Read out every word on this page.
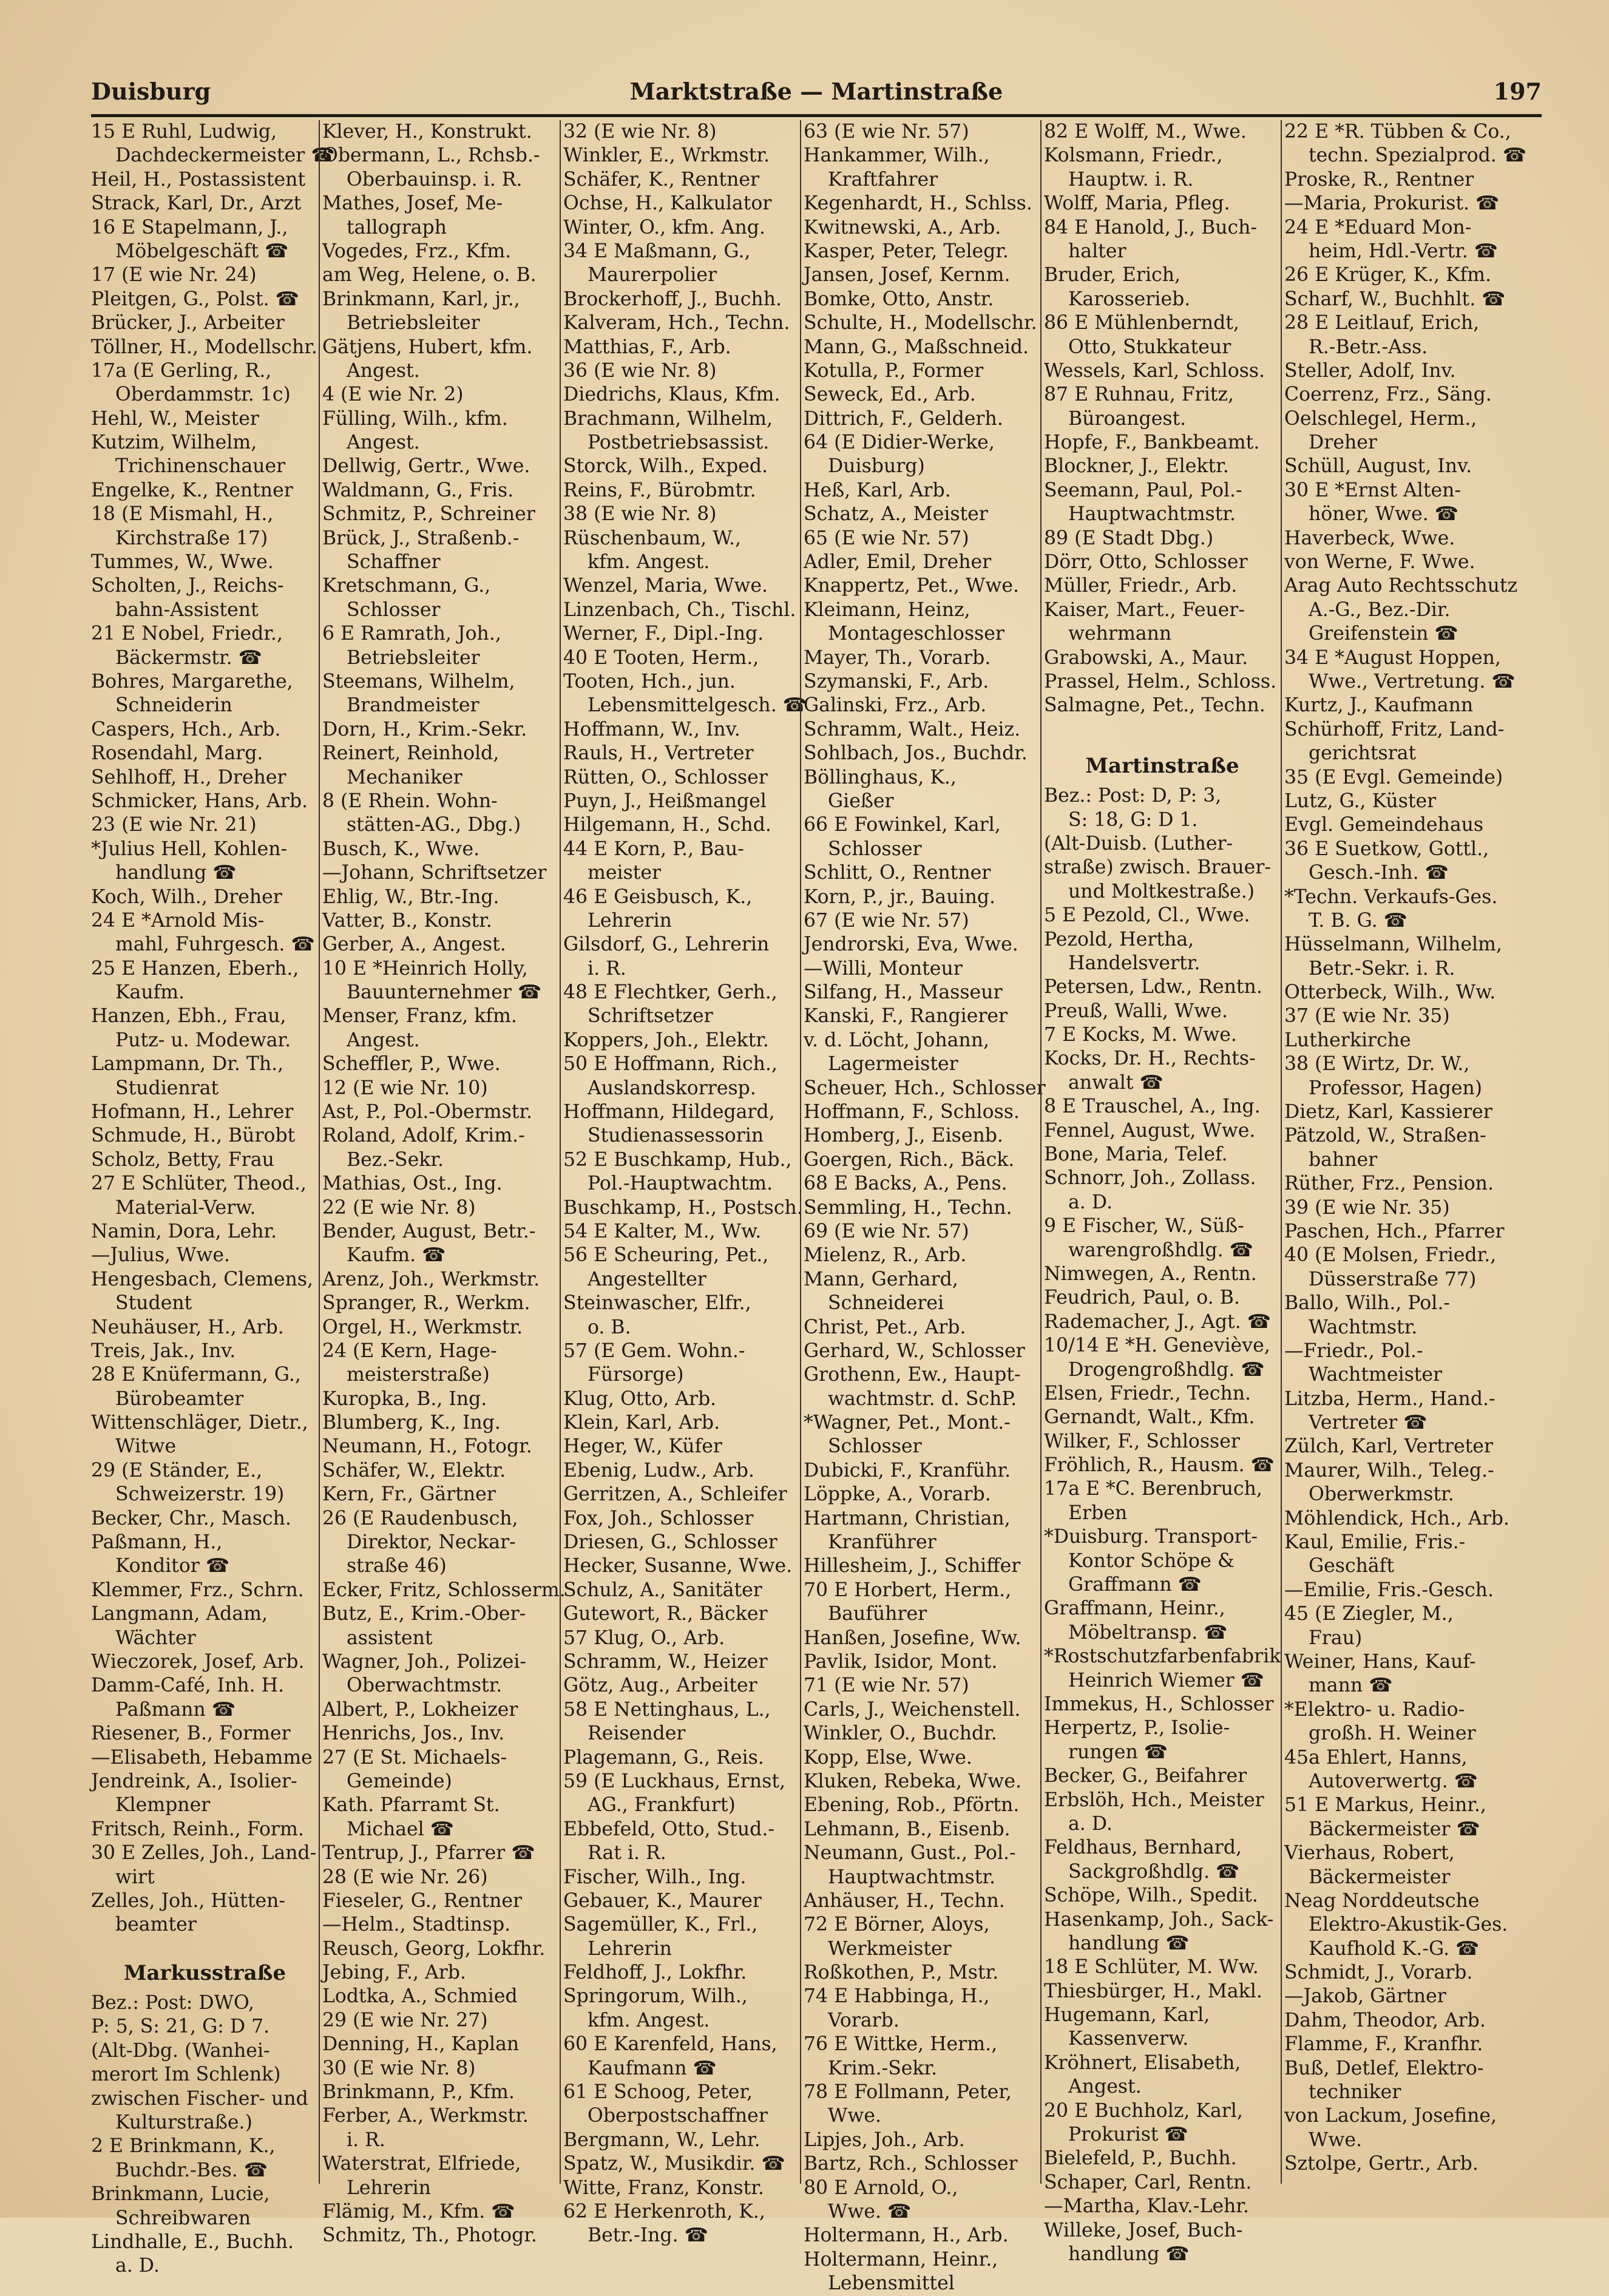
Duisburg	Marktstraße — Martinstraße	197
15 E Ruhl, Ludwig,
Dachdeckermeister ☎
Heil, H., Postassistent
Strack, Karl, Dr., Arzt
16 E Stapelmann, J.,
Möbelgeschäft ☎
17 (E wie Nr. 24)
Pleitgen, G., Polst. ☎
Brücker, J., Arbeiter
Töllner, H., Modellschr.
17a (E Gerling, R.,
Oberdammstr. 1c)
Hehl, W., Meister
Kutzim, Wilhelm,
Trichinenschauer
Engelke, K., Rentner
18 (E Mismahl, H.,
Kirchstraße 17)
Tummes, W., Wwe.
Scholten, J., Reichs-
bahn-Assistent
21 E Nobel, Friedr.,
Bäckermstr. ☎
Bohres, Margarethe,
Schneiderin
Caspers, Hch., Arb.
Rosendahl, Marg.
Sehlhoff, H., Dreher
Schmicker, Hans, Arb.
23 (E wie Nr. 21)
*Julius Hell, Kohlen-
handlung ☎
Koch, Wilh., Dreher
24 E *Arnold Mis-
mahl, Fuhrgesch. ☎
25 E Hanzen, Eberh.,
Kaufm.
Hanzen, Ebh., Frau,
Putz- u. Modewar.
Lampmann, Dr. Th.,
Studienrat
Hofmann, H., Lehrer
Schmude, H., Bürobt
Scholz, Betty, Frau
27 E Schlüter, Theod.,
Material-Verw.
Namin, Dora, Lehr.
—Julius, Wwe.
Hengesbach, Clemens,
Student
Neuhäuser, H., Arb.
Treis, Jak., Inv.
28 E Knüfermann, G.,
Bürobeamter
Wittenschläger, Dietr.,
Witwe
29 (E Ständer, E.,
Schweizerstr. 19)
Becker, Chr., Masch.
Paßmann, H.,
Konditor ☎
Klemmer, Frz., Schrn.
Langmann, Adam,
Wächter
Wieczorek, Josef, Arb.
Damm-Café, Inh. H.
Paßmann ☎
Riesener, B., Former
—Elisabeth, Hebamme
Jendreink, A., Isolier-
Klempner
Fritsch, Reinh., Form.
30 E Zelles, Joh., Land-
wirt
Zelles, Joh., Hütten-
beamter
Markusstraße
Bez.: Post: DWO,
P: 5, S: 21, G: D 7.
(Alt-Dbg. (Wanhei-
merort Im Schlenk)
zwischen Fischer- und
Kulturstraße.)
2 E Brinkmann, K.,
Buchdr.-Bes. ☎
Brinkmann, Lucie,
Schreibwaren
Lindhalle, E., Buchh.
a. D.
Klever, H., Konstrukt.
Obermann, L., Rchsb.-
Oberbauinsp. i. R.
Mathes, Josef, Me-
tallograph
Vogedes, Frz., Kfm.
am Weg, Helene, o. B.
Brinkmann, Karl, jr.,
Betriebsleiter
Gätjens, Hubert, kfm.
Angest.
4 (E wie Nr. 2)
Fülling, Wilh., kfm.
Angest.
Dellwig, Gertr., Wwe.
Waldmann, G., Fris.
Schmitz, P., Schreiner
Brück, J., Straßenb.-
Schaffner
Kretschmann, G.,
Schlosser
6 E Ramrath, Joh.,
Betriebsleiter
Steemans, Wilhelm,
Brandmeister
Dorn, H., Krim.-Sekr.
Reinert, Reinhold,
Mechaniker
8 (E Rhein. Wohn-
stätten-AG., Dbg.)
Busch, K., Wwe.
—Johann, Schriftsetzer
Ehlig, W., Btr.-Ing.
Vatter, B., Konstr.
Gerber, A., Angest.
10 E *Heinrich Holly,
Bauunternehmer ☎
Menser, Franz, kfm.
Angest.
Scheffler, P., Wwe.
12 (E wie Nr. 10)
Ast, P., Pol.-Obermstr.
Roland, Adolf, Krim.-
Bez.-Sekr.
Mathias, Ost., Ing.
22 (E wie Nr. 8)
Bender, August, Betr.-
Kaufm. ☎
Arenz, Joh., Werkmstr.
Spranger, R., Werkm.
Orgel, H., Werkmstr.
24 (E Kern, Hage-
meisterstraße)
Kuropka, B., Ing.
Blumberg, K., Ing.
Neumann, H., Fotogr.
Schäfer, W., Elektr.
Kern, Fr., Gärtner
26 (E Raudenbusch,
Direktor, Neckar-
straße 46)
Ecker, Fritz, Schlosserm.
Butz, E., Krim.-Ober-
assistent
Wagner, Joh., Polizei-
Oberwachtmstr.
Albert, P., Lokheizer
Henrichs, Jos., Inv.
27 (E St. Michaels-
Gemeinde)
Kath. Pfarramt St.
Michael ☎
Tentrup, J., Pfarrer ☎
28 (E wie Nr. 26)
Fieseler, G., Rentner
—Helm., Stadtinsp.
Reusch, Georg, Lokfhr.
Jebing, F., Arb.
Lodtka, A., Schmied
29 (E wie Nr. 27)
Denning, H., Kaplan
30 (E wie Nr. 8)
Brinkmann, P., Kfm.
Ferber, A., Werkmstr.
i. R.
Waterstrat, Elfriede,
Lehrerin
Flämig, M., Kfm. ☎
Schmitz, Th., Photogr.
32 (E wie Nr. 8)
Winkler, E., Wrkmstr.
Schäfer, K., Rentner
Ochse, H., Kalkulator
Winter, O., kfm. Ang.
34 E Maßmann, G.,
Maurerpolier
Brockerhoff, J., Buchh.
Kalveram, Hch., Techn.
Matthias, F., Arb.
36 (E wie Nr. 8)
Diedrichs, Klaus, Kfm.
Brachmann, Wilhelm,
Postbetriebsassist.
Storck, Wilh., Exped.
Reins, F., Bürobmtr.
38 (E wie Nr. 8)
Rüschenbaum, W.,
kfm. Angest.
Wenzel, Maria, Wwe.
Linzenbach, Ch., Tischl.
Werner, F., Dipl.-Ing.
40 E Tooten, Herm.,
Tooten, Hch., jun.
Lebensmittelgesch. ☎
Hoffmann, W., Inv.
Rauls, H., Vertreter
Rütten, O., Schlosser
Puyn, J., Heißmangel
Hilgemann, H., Schd.
44 E Korn, P., Bau-
meister
46 E Geisbusch, K.,
Lehrerin
Gilsdorf, G., Lehrerin
i. R.
48 E Flechtker, Gerh.,
Schriftsetzer
Koppers, Joh., Elektr.
50 E Hoffmann, Rich.,
Auslandskorresp.
Hoffmann, Hildegard,
Studienassessorin
52 E Buschkamp, Hub.,
Pol.-Hauptwachtm.
Buschkamp, H., Postsch.
54 E Kalter, M., Ww.
56 E Scheuring, Pet.,
Angestellter
Steinwascher, Elfr.,
o. B.
57 (E Gem. Wohn.-
Fürsorge)
Klug, Otto, Arb.
Klein, Karl, Arb.
Heger, W., Küfer
Ebenig, Ludw., Arb.
Gerritzen, A., Schleifer
Fox, Joh., Schlosser
Driesen, G., Schlosser
Hecker, Susanne, Wwe.
Schulz, A., Sanitäter
Gutewort, R., Bäcker
57 Klug, O., Arb.
Schramm, W., Heizer
Götz, Aug., Arbeiter
58 E Nettinghaus, L.,
Reisender
Plagemann, G., Reis.
59 (E Luckhaus, Ernst,
AG., Frankfurt)
Ebbefeld, Otto, Stud.-
Rat i. R.
Fischer, Wilh., Ing.
Gebauer, K., Maurer
Sagemüller, K., Frl.,
Lehrerin
Feldhoff, J., Lokfhr.
Springorum, Wilh.,
kfm. Angest.
60 E Karenfeld, Hans,
Kaufmann ☎
61 E Schoog, Peter,
Oberpostschaffner
Bergmann, W., Lehr.
Spatz, W., Musikdir. ☎
Witte, Franz, Konstr.
62 E Herkenroth, K.,
Betr.-Ing. ☎
63 (E wie Nr. 57)
Hankammer, Wilh.,
Kraftfahrer
Kegenhardt, H., Schlss.
Kwitnewski, A., Arb.
Kasper, Peter, Telegr.
Jansen, Josef, Kernm.
Bomke, Otto, Anstr.
Schulte, H., Modellschr.
Mann, G., Maßschneid.
Kotulla, P., Former
Seweck, Ed., Arb.
Dittrich, F., Gelderh.
64 (E Didier-Werke,
Duisburg)
Heß, Karl, Arb.
Schatz, A., Meister
65 (E wie Nr. 57)
Adler, Emil, Dreher
Knappertz, Pet., Wwe.
Kleimann, Heinz,
Montageschlosser
Mayer, Th., Vorarb.
Szymanski, F., Arb.
Galinski, Frz., Arb.
Schramm, Walt., Heiz.
Sohlbach, Jos., Buchdr.
Böllinghaus, K.,
Gießer
66 E Fowinkel, Karl,
Schlosser
Schlitt, O., Rentner
Korn, P., jr., Bauing.
67 (E wie Nr. 57)
Jendrorski, Eva, Wwe.
—Willi, Monteur
Silfang, H., Masseur
Kanski, F., Rangierer
v. d. Löcht, Johann,
Lagermeister
Scheuer, Hch., Schlosser
Hoffmann, F., Schloss.
Homberg, J., Eisenb.
Goergen, Rich., Bäck.
68 E Backs, A., Pens.
Semmling, H., Techn.
69 (E wie Nr. 57)
Mielenz, R., Arb.
Mann, Gerhard,
Schneiderei
Christ, Pet., Arb.
Gerhard, W., Schlosser
Grothenn, Ew., Haupt-
wachtmstr. d. SchP.
*Wagner, Pet., Mont.-
Schlosser
Dubicki, F., Kranführ.
Löppke, A., Vorarb.
Hartmann, Christian,
Kranführer
Hillesheim, J., Schiffer
70 E Horbert, Herm.,
Bauführer
Hanßen, Josefine, Ww.
Pavlik, Isidor, Mont.
71 (E wie Nr. 57)
Carls, J., Weichenstell.
Winkler, O., Buchdr.
Kopp, Else, Wwe.
Kluken, Rebeka, Wwe.
Ebening, Rob., Pförtn.
Lehmann, B., Eisenb.
Neumann, Gust., Pol.-
Hauptwachtmstr.
Anhäuser, H., Techn.
72 E Börner, Aloys,
Werkmeister
Roßkothen, P., Mstr.
74 E Habbinga, H.,
Vorarb.
76 E Wittke, Herm.,
Krim.-Sekr.
78 E Follmann, Peter,
Wwe.
Lipjes, Joh., Arb.
Bartz, Rch., Schlosser
80 E Arnold, O.,
Wwe. ☎
Holtermann, H., Arb.
Holtermann, Heinr.,
Lebensmittel
82 E Wolff, M., Wwe.
Kolsmann, Friedr.,
Hauptw. i. R.
Wolff, Maria, Pfleg.
84 E Hanold, J., Buch-
halter
Bruder, Erich,
Karosserieb.
86 E Mühlenberndt,
Otto, Stukkateur
Wessels, Karl, Schloss.
87 E Ruhnau, Fritz,
Büroangest.
Hopfe, F., Bankbeamt.
Blockner, J., Elektr.
Seemann, Paul, Pol.-
Hauptwachtmstr.
89 (E Stadt Dbg.)
Dörr, Otto, Schlosser
Müller, Friedr., Arb.
Kaiser, Mart., Feuer-
wehrmann
Grabowski, A., Maur.
Prassel, Helm., Schloss.
Salmagne, Pet., Techn.
Martinstraße
Bez.: Post: D, P: 3,
S: 18, G: D 1.
(Alt-Duisb. (Luther-
straße) zwisch. Brauer-
und Moltkestraße.)
5 E Pezold, Cl., Wwe.
Pezold, Hertha,
Handelsvertr.
Petersen, Ldw., Rentn.
Preuß, Walli, Wwe.
7 E Kocks, M. Wwe.
Kocks, Dr. H., Rechts-
anwalt ☎
8 E Trauschel, A., Ing.
Fennel, August, Wwe.
Bone, Maria, Telef.
Schnorr, Joh., Zollass.
a. D.
9 E Fischer, W., Süß-
warengroßhdlg. ☎
Nimwegen, A., Rentn.
Feudrich, Paul, o. B.
Rademacher, J., Agt. ☎
10/14 E *H. Geneviève,
Drogengroßhdlg. ☎
Elsen, Friedr., Techn.
Gernandt, Walt., Kfm.
Wilker, F., Schlosser
Fröhlich, R., Hausm. ☎
17a E *C. Berenbruch,
Erben
*Duisburg. Transport-
Kontor Schöpe &
Graffmann ☎
Graffmann, Heinr.,
Möbeltransp. ☎
*Rostschutzfarbenfabrik
Heinrich Wiemer ☎
Immekus, H., Schlosser
Herpertz, P., Isolie-
rungen ☎
Becker, G., Beifahrer
Erbslöh, Hch., Meister
a. D.
Feldhaus, Bernhard,
Sackgroßhdlg. ☎
Schöpe, Wilh., Spedit.
Hasenkamp, Joh., Sack-
handlung ☎
18 E Schlüter, M. Ww.
Thiesbürger, H., Makl.
Hugemann, Karl,
Kassenverw.
Kröhnert, Elisabeth,
Angest.
20 E Buchholz, Karl,
Prokurist ☎
Bielefeld, P., Buchh.
Schaper, Carl, Rentn.
—Martha, Klav.-Lehr.
Willeke, Josef, Buch-
handlung ☎
22 E *R. Tübben & Co.,
techn. Spezialprod. ☎
Proske, R., Rentner
—Maria, Prokurist. ☎
24 E *Eduard Mon-
heim, Hdl.-Vertr. ☎
26 E Krüger, K., Kfm.
Scharf, W., Buchhlt. ☎
28 E Leitlauf, Erich,
R.-Betr.-Ass.
Steller, Adolf, Inv.
Coerrenz, Frz., Säng.
Oelschlegel, Herm.,
Dreher
Schüll, August, Inv.
30 E *Ernst Alten-
höner, Wwe. ☎
Haverbeck, Wwe.
von Werne, F. Wwe.
Arag Auto Rechtsschutz
A.-G., Bez.-Dir.
Greifenstein ☎
34 E *August Hoppen,
Wwe., Vertretung. ☎
Kurtz, J., Kaufmann
Schürhoff, Fritz, Land-
gerichtsrat
35 (E Evgl. Gemeinde)
Lutz, G., Küster
Evgl. Gemeindehaus
36 E Suetkow, Gottl.,
Gesch.-Inh. ☎
*Techn. Verkaufs-Ges.
T. B. G. ☎
Hüsselmann, Wilhelm,
Betr.-Sekr. i. R.
Otterbeck, Wilh., Ww.
37 (E wie Nr. 35)
Lutherkirche
38 (E Wirtz, Dr. W.,
Professor, Hagen)
Dietz, Karl, Kassierer
Pätzold, W., Straßen-
bahner
Rüther, Frz., Pension.
39 (E wie Nr. 35)
Paschen, Hch., Pfarrer
40 (E Molsen, Friedr.,
Düsserstraße 77)
Ballo, Wilh., Pol.-
Wachtmstr.
—Friedr., Pol.-
Wachtmeister
Litzba, Herm., Hand.-
Vertreter ☎
Zülch, Karl, Vertreter
Maurer, Wilh., Teleg.-
Oberwerkmstr.
Möhlendick, Hch., Arb.
Kaul, Emilie, Fris.-
Geschäft
—Emilie, Fris.-Gesch.
45 (E Ziegler, M.,
Frau)
Weiner, Hans, Kauf-
mann ☎
*Elektro- u. Radio-
großh. H. Weiner
45a Ehlert, Hanns,
Autoverwertg. ☎
51 E Markus, Heinr.,
Bäckermeister ☎
Vierhaus, Robert,
Bäckermeister
Neag Norddeutsche
Elektro-Akustik-Ges.
Kaufhold K.-G. ☎
Schmidt, J., Vorarb.
—Jakob, Gärtner
Dahm, Theodor, Arb.
Flamme, F., Kranfhr.
Buß, Detlef, Elektro-
techniker
von Lackum, Josefine,
Wwe.
Sztolpe, Gertr., Arb.
